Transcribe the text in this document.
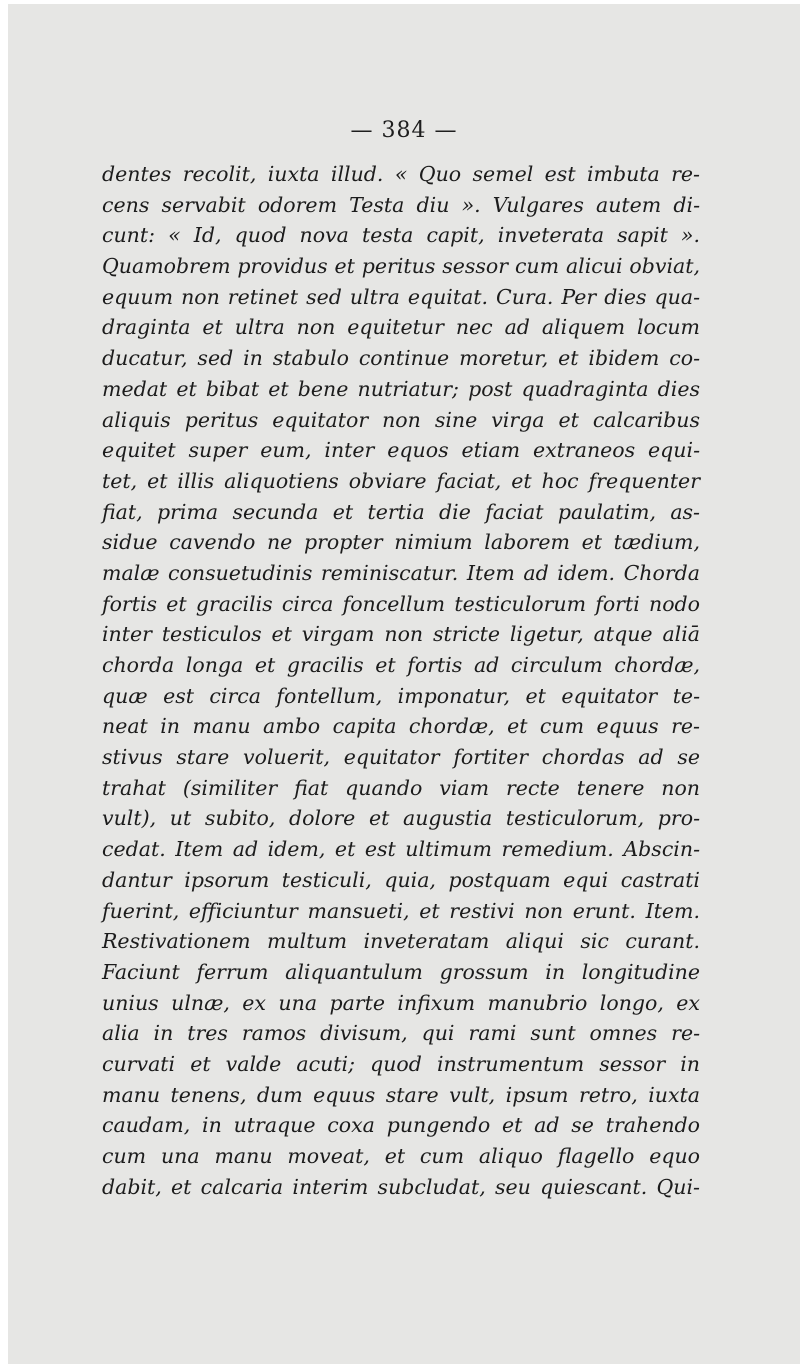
— 384 —
dentes recolit, iuxta illud. « Quo semel est imbuta re-
cens servabit odorem Testa diu ». Vulgares autem di-
cunt: « Id, quod nova testa capit, inveterata sapit ».
Quamobrem providus et peritus sessor cum alicui obviat,
equum non retinet sed ultra equitat. Cura. Per dies qua-
draginta et ultra non equitetur nec ad aliquem locum
ducatur, sed in stabulo continue moretur, et ibidem co-
medat et bibat et bene nutriatur; post quadraginta dies
aliquis peritus equitator non sine virga et calcaribus
equitet super eum, inter equos etiam extraneos equi-
tet, et illis aliquotiens obviare faciat, et hoc frequenter
fiat, prima secunda et tertia die faciat paulatim, as-
sidue cavendo ne propter nimium laborem et tædium,
malæ consuetudinis reminiscatur. Item ad idem. Chorda
fortis et gracilis circa foncellum testiculorum forti nodo
inter testiculos et virgam non stricte ligetur, atque aliā
chorda longa et gracilis et fortis ad circulum chordæ,
quæ est circa fontellum, imponatur, et equitator te-
neat in manu ambo capita chordæ, et cum equus re-
stivus stare voluerit, equitator fortiter chordas ad se
trahat (similiter fiat quando viam recte tenere non
vult), ut subito, dolore et augustia testiculorum, pro-
cedat. Item ad idem, et est ultimum remedium. Abscin-
dantur ipsorum testiculi, quia, postquam equi castrati
fuerint, efficiuntur mansueti, et restivi non erunt. Item.
Restivationem multum inveteratam aliqui sic curant.
Faciunt ferrum aliquantulum grossum in longitudine
unius ulnæ, ex una parte infixum manubrio longo, ex
alia in tres ramos divisum, qui rami sunt omnes re-
curvati et valde acuti; quod instrumentum sessor in
manu tenens, dum equus stare vult, ipsum retro, iuxta
caudam, in utraque coxa pungendo et ad se trahendo
cum una manu moveat, et cum aliquo flagello equo
dabit, et calcaria interim subcludat, seu quiescant. Qui-
